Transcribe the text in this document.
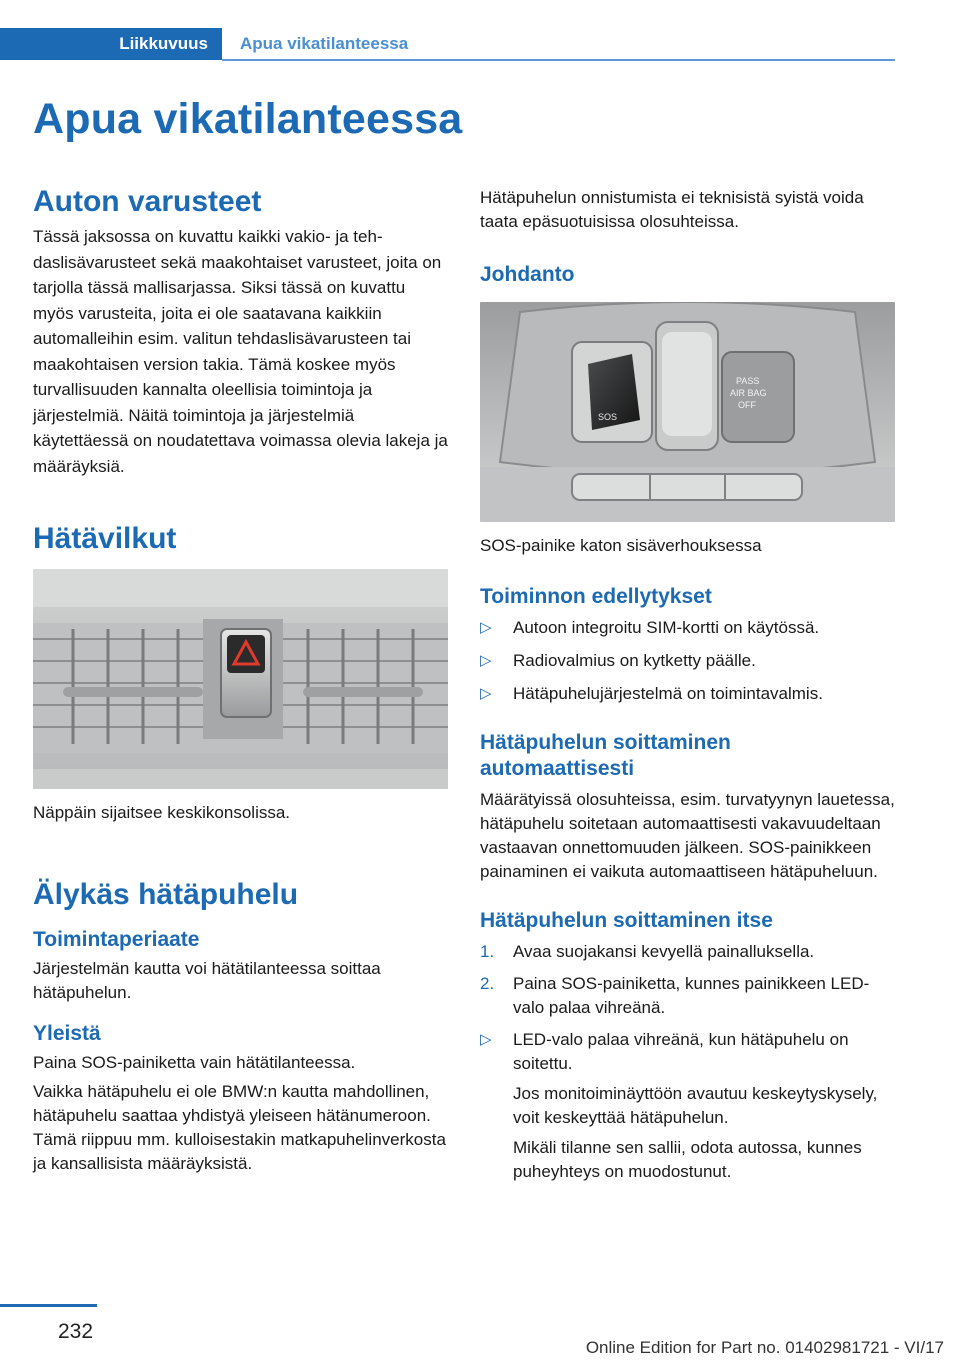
Liikkuvuus	Apua vikatilanteessa
Apua vikatilanteessa
Auton varusteet

Tässä jaksossa on kuvattu kaikki vakio- ja tehdaslisävarusteet sekä maakohtaiset varusteet, joita on tarjolla tässä mallisarjassa. Siksi tässä on kuvattu myös varusteita, joita ei ole saatavana kaikkiin automalleihin esim. valitun tehdaslisävarusteen tai maakohtaisen version takia. Tämä koskee myös turvallisuuden kannalta oleellisia toimintoja ja järjestelmiä. Näitä toimintoja ja järjestelmiä käytettäessä on noudatettava voimassa olevia lakeja ja määräyksiä.

Hätävilkut

Näppäin sijaitsee keskikonsolissa.

Älykäs hätäpuhelu
Toimintaperiaate

Järjestelmän kautta voi hätätilanteessa soittaa hätäpuhelun.

Yleistä

Paina SOS-painiketta vain hätätilanteessa.

Vaikka hätäpuhelu ei ole BMW:n kautta mahdollinen, hätäpuhelu saattaa yhdistyä yleiseen hätänumeroon. Tämä riippuu mm. kulloisestakin matkapuhelinverkosta ja kansallisista määräyksistä.

Hätäpuhelun onnistumista ei teknisistä syistä voida taata epäsuotuisissa olosuhteissa.

Johdanto
SOS
PASS
AIR BAG
OFF

SOS-painike katon sisäverhouksessa

Toiminnon edellytykset
▷ Autoon integroitu SIM-kortti on käytössä.
▷ Radiovalmius on kytketty päälle.
▷ Hätäpuhelujärjestelmä on toimintavalmis.
Hätäpuhelun soittaminen
automaattisesti

Määrätyissä olosuhteissa, esim. turvatyynyn lauetessa, hätäpuhelu soitetaan automaattisesti vakavuudeltaan vastaavan onnettomuuden jälkeen. SOS-painikkeen painaminen ei vaikuta automaattiseen hätäpuheluun.

Hätäpuhelun soittaminen itse
1. Avaa suojakansi kevyellä painalluksella.
2. Paina SOS-painiketta, kunnes painikkeen LED-valo palaa vihreänä.
▷ LED-valo palaa vihreänä, kun hätäpuhelu on soitettu.
Jos monitoiminäyttöön avautuu keskeytyskysely, voit keskeyttää hätäpuhelun.
Mikäli tilanne sen sallii, odota autossa, kunnes puheyhteys on muodostunut.
232
Online Edition for Part no. 01402981721 - VI/17
